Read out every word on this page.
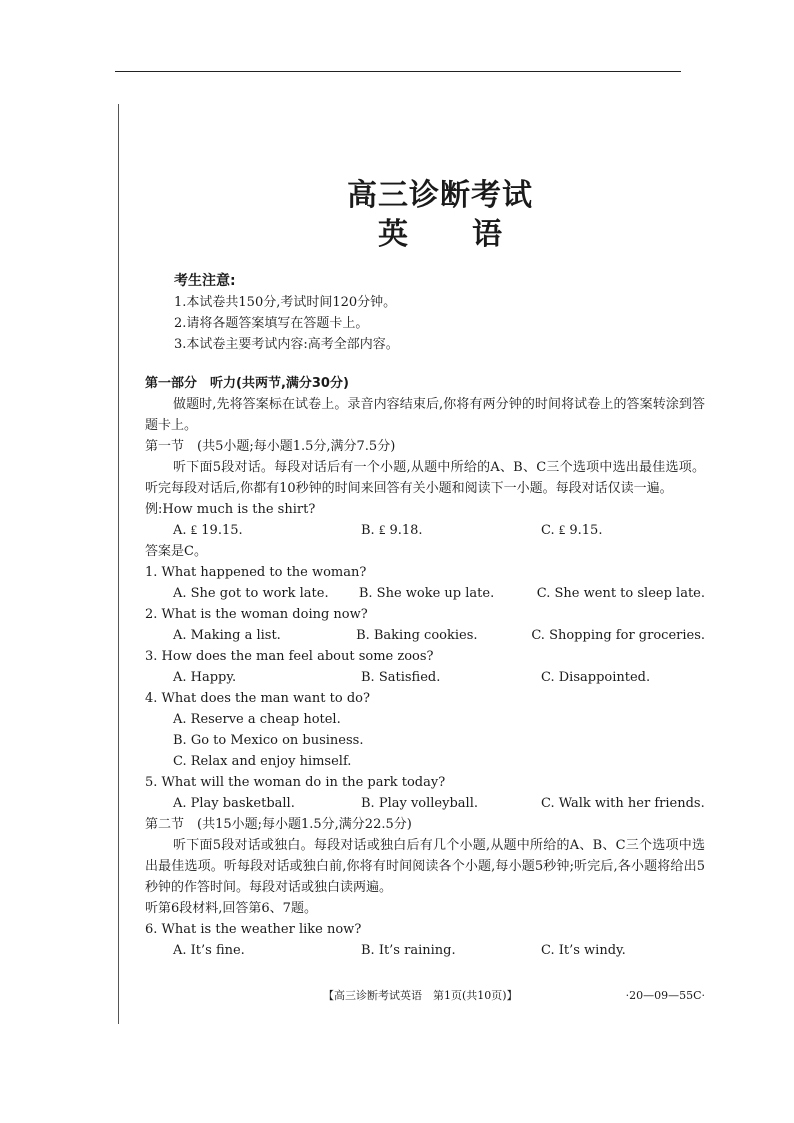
高三诊断考试
英 语
考生注意:
1.本试卷共150分,考试时间120分钟。
2.请将各题答案填写在答题卡上。
3.本试卷主要考试内容:高考全部内容。
第一部分　听力(共两节,满分30分)
做题时,先将答案标在试卷上。录音内容结束后,你将有两分钟的时间将试卷上的答案转涂到答题卡上。
第一节　(共5小题;每小题1.5分,满分7.5分)
听下面5段对话。每段对话后有一个小题,从题中所给的A、B、C三个选项中选出最佳选项。听完每段对话后,你都有10秒钟的时间来回答有关小题和阅读下一小题。每段对话仅读一遍。
例:How much is the shirt?
A. ₤ 19.15.	B. ₤ 9.18.	C. ₤ 9.15.
答案是C。
1. What happened to the woman?
A. She got to work late.	B. She woke up late.	C. She went to sleep late.
2. What is the woman doing now?
A. Making a list.	B. Baking cookies.	C. Shopping for groceries.
3. How does the man feel about some zoos?
A. Happy.	B. Satisfied.	C. Disappointed.
4. What does the man want to do?
A. Reserve a cheap hotel.
B. Go to Mexico on business.
C. Relax and enjoy himself.
5. What will the woman do in the park today?
A. Play basketball.	B. Play volleyball.	C. Walk with her friends.
第二节　(共15小题;每小题1.5分,满分22.5分)
听下面5段对话或独白。每段对话或独白后有几个小题,从题中所给的A、B、C三个选项中选出最佳选项。听每段对话或独白前,你将有时间阅读各个小题,每小题5秒钟;听完后,各小题将给出5秒钟的作答时间。每段对话或独白读两遍。
听第6段材料,回答第6、7题。
6. What is the weather like now?
A. It’s fine.	B. It’s raining.	C. It’s windy.
【高三诊断考试英语　第1页(共10页)】	·20—09—55C·
